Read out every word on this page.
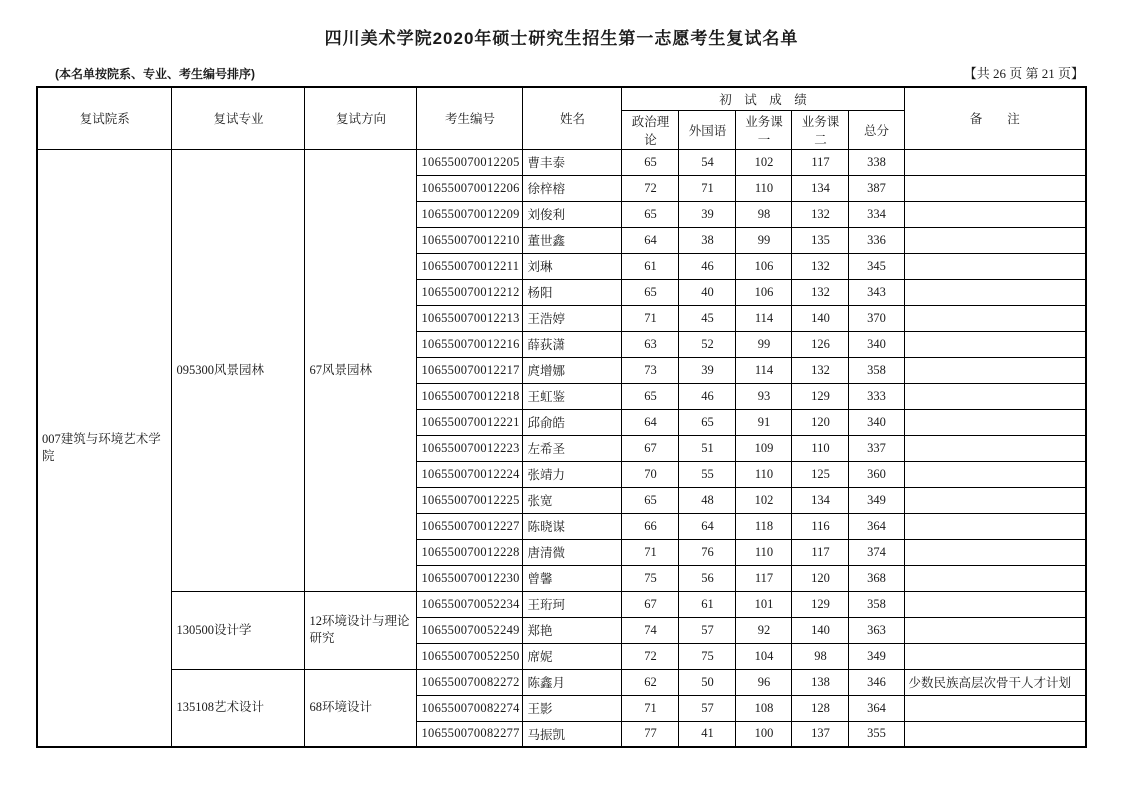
四川美术学院2020年硕士研究生招生第一志愿考生复试名单
(本名单按院系、专业、考生编号排序)	【共 26 页 第 21 页】
复试院系	复试专业	复试方向	考生编号	姓名	初　试　成　绩					备　　注
					政治理论	外国语	业务课一	业务课二	总分	
007建筑与环境艺术学院	095300风景园林	67风景园林	106550070012205	曹丰泰	65	54	102	117	338	
			106550070012206	徐梓榕	72	71	110	134	387	
			106550070012209	刘俊利	65	39	98	132	334	
			106550070012210	董世鑫	64	38	99	135	336	
			106550070012211	刘琳	61	46	106	132	345	
			106550070012212	杨阳	65	40	106	132	343	
			106550070012213	王浩婷	71	45	114	140	370	
			106550070012216	薛荻潇	63	52	99	126	340	
			106550070012217	庹增娜	73	39	114	132	358	
			106550070012218	王虹鉴	65	46	93	129	333	
			106550070012221	邱俞皓	64	65	91	120	340	
			106550070012223	左希圣	67	51	109	110	337	
			106550070012224	张靖力	70	55	110	125	360	
			106550070012225	张宽	65	48	102	134	349	
			106550070012227	陈晓谋	66	64	118	116	364	
			106550070012228	唐清微	71	76	110	117	374	
			106550070012230	曾馨	75	56	117	120	368	
	130500设计学	12环境设计与理论研究	106550070052234	王珩珂	67	61	101	129	358	
			106550070052249	郑艳	74	57	92	140	363	
			106550070052250	席妮	72	75	104	98	349	
	135108艺术设计	68环境设计	106550070082272	陈鑫月	62	50	96	138	346	少数民族高层次骨干人才计划
			106550070082274	王影	71	57	108	128	364	
			106550070082277	马振凯	77	41	100	137	355	
